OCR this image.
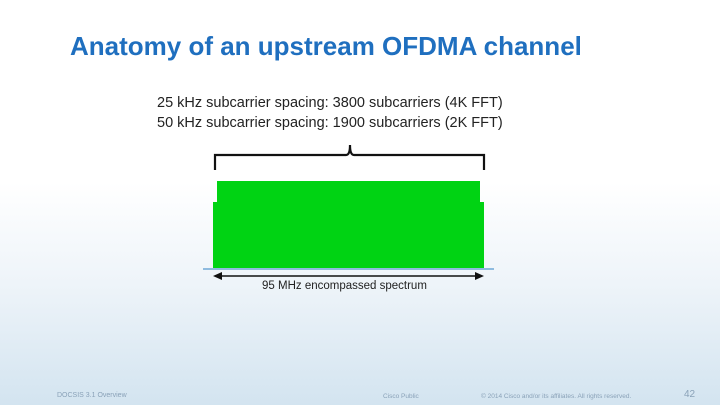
Anatomy of an upstream OFDMA channel
25 kHz subcarrier spacing: 3800 subcarriers (4K FFT)
50 kHz subcarrier spacing: 1900 subcarriers (2K FFT)
95 MHz encompassed spectrum
DOCSIS 3.1 Overview	Cisco Public	© 2014 Cisco and/or its affiliates. All rights reserved.	42
